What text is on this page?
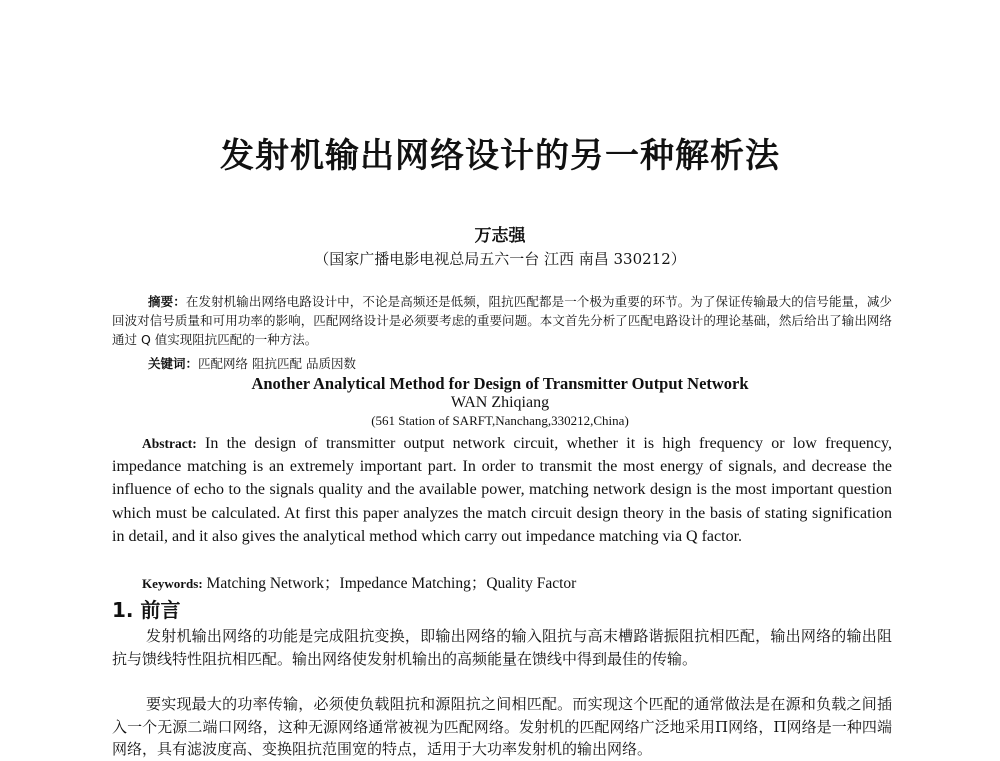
发射机输出网络设计的另一种解析法
万志强
（国家广播电影电视总局五六一台 江西 南昌 330212）
摘要：在发射机输出网络电路设计中，不论是高频还是低频，阻抗匹配都是一个极为重要的环节。为了保证传输最大的信号能量，减少回波对信号质量和可用功率的影响，匹配网络设计是必须要考虑的重要问题。本文首先分析了匹配电路设计的理论基础，然后给出了输出网络通过 Q 值实现阻抗匹配的一种方法。
关键词：匹配网络 阻抗匹配 品质因数
Another Analytical Method for Design of Transmitter Output Network
WAN Zhiqiang
(561 Station of SARFT,Nanchang,330212,China)
Abstract: In the design of transmitter output network circuit, whether it is high frequency or low frequency, impedance matching is an extremely important part. In order to transmit the most energy of signals, and decrease the influence of echo to the signals quality and the available power, matching network design is the most important question which must be calculated. At first this paper analyzes the match circuit design theory in the basis of stating signification in detail, and it also gives the analytical method which carry out impedance matching via Q factor.
Keywords: Matching Network；Impedance Matching；Quality Factor
1. 前言
发射机输出网络的功能是完成阻抗变换，即输出网络的输入阻抗与高末槽路谐振阻抗相匹配，输出网络的输出阻抗与馈线特性阻抗相匹配。输出网络使发射机输出的高频能量在馈线中得到最佳的传输。
要实现最大的功率传输，必须使负载阻抗和源阻抗之间相匹配。而实现这个匹配的通常做法是在源和负载之间插入一个无源二端口网络，这种无源网络通常被视为匹配网络。发射机的匹配网络广泛地采用Π网络，Π网络是一种四端网络，具有滤波度高、变换阻抗范围宽的特点，适用于大功率发射机的输出网络。
